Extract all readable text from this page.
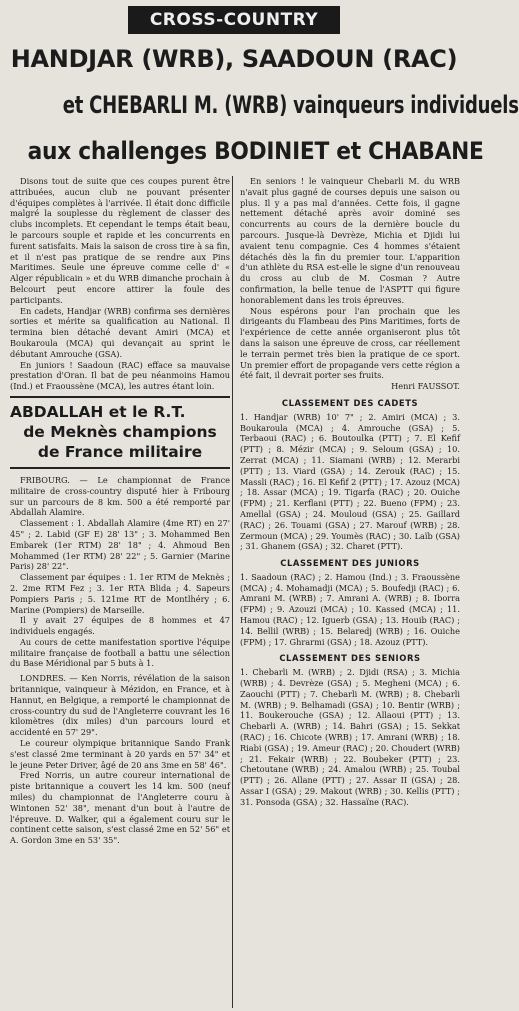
CROSS-COUNTRY
HANDJAR (WRB), SAADOUN (RAC)
et CHEBARLI M. (WRB) vainqueurs individuels
aux challenges BODINIET et CHABANE

Disons tout de suite que ces coupes purent être attribuées, aucun club ne pouvant présenter d'équipes complètes à l'arrivée. Il était donc difficile malgré la souplesse du règlement de classer des clubs incomplets. Et cependant le temps était beau, le parcours souple et rapide et les concurrents en furent satisfaits. Mais la saison de cross tire à sa fin, et il n'est pas pratique de se rendre aux Pins Maritimes. Seule une épreuve comme celle d' « Alger républicain » et du WRB dimanche prochain à Belcourt peut encore attirer la foule des participants.

En cadets, Handjar (WRB) confirma ses dernières sorties et mérite sa qualification au National. Il termina bien détaché devant Amiri (MCA) et Boukaroula (MCA) qui devançait au sprint le débutant Amrouche (GSA).

En juniors ! Saadoun (RAC) efface sa mauvaise prestation d'Oran. Il bat de peu néanmoins Hamou (Ind.) et Fraoussène (MCA), les autres étant loin.

ABDALLAH et le R.T.

de Meknès champions

de France militaire

FRIBOURG. — Le championnat de France militaire de cross-country disputé hier à Fribourg sur un parcours de 8 km. 500 a été remporté par Abdallah Alamire.

Classement : 1. Abdallah Alamire (4me RT) en 27' 45" ; 2. Labid (GF E) 28' 13" ; 3. Mohammed Ben Embarek (1er RTM) 28' 18" ; 4. Ahmoud Ben Mohammed (1er RTM) 28' 22" ; 5. Garnier (Marine Paris) 28' 22".

Classement par équipes : 1. 1er RTM de Meknès ; 2. 2me RTM Fez ; 3. 1er RTA Blida ; 4. Sapeurs Pompiers Paris ; 5. 121me RT de Montlhéry ; 6. Marine (Pompiers) de Marseille.

Il y avait 27 équipes de 8 hommes et 47 individuels engagés.

Au cours de cette manifestation sportive l'équipe militaire française de football a battu une sélection du Base Méridional par 5 buts à 1.

LONDRES. — Ken Norris, révélation de la saison britannique, vainqueur à Mézidon, en France, et à Hannut, en Belgique, a remporté le championnat de cross-country du sud de l'Angleterre couvrant les 16 kilomètres (dix miles) d'un parcours lourd et accidenté en 57' 29".

Le coureur olympique britannique Sando Frank s'est classé 2me terminant à 20 yards en 57' 34" et le jeune Peter Driver, âgé de 20 ans 3me en 58' 46".

Fred Norris, un autre coureur international de piste britannique a couvert les 14 km. 500 (neuf miles) du championnat de l'Angleterre couru à Wintonen 52' 38", menant d'un bout à l'autre de l'épreuve. D. Walker, qui a également couru sur le continent cette saison, s'est classé 2me en 52' 56" et A. Gordon 3me en 53' 35".

En seniors ! le vainqueur Chebarli M. du WRB n'avait plus gagné de courses depuis une saison ou plus. Il y a pas mal d'années. Cette fois, il gagne nettement détaché après avoir dominé ses concurrents au cours de la dernière boucle du parcours. Jusque-là Devrèze, Michia et Djidi lui avaient tenu compagnie. Ces 4 hommes s'étaient détachés dès la fin du premier tour. L'apparition d'un athlète du RSA est-elle le signe d'un renouveau du cross au club de M. Cosman ? Autre confirmation, la belle tenue de l'ASPTT qui figure honorablement dans les trois épreuves.

Nous espérons pour l'an prochain que les dirigeants du Flambeau des Pins Maritimes, forts de l'expérience de cette année organiseront plus tôt dans la saison une épreuve de cross, car réellement le terrain permet très bien la pratique de ce sport. Un premier effort de propagande vers cette région a été fait, il devrait porter ses fruits.

Henri FAUSSOT.

CLASSEMENT DES CADETS

1. Handjar (WRB) 10' 7" ; 2. Amiri (MCA) ; 3. Boukaroula (MCA) ; 4. Amrouche (GSA) ; 5. Terbaoui (RAC) ; 6. Boutoulka (PTT) ; 7. El Kefif (PTT) ; 8. Mézir (MCA) ; 9. Seloum (GSA) ; 10. Zerrat (MCA) ; 11. Siamani (WRB) ; 12. Merarbi (PTT) ; 13. Viard (GSA) ; 14. Zerouk (RAC) ; 15. Massli (RAC) ; 16. El Kefif 2 (PTT) ; 17. Azouz (MCA) ; 18. Assar (MCA) ; 19. Tigarfa (RAC) ; 20. Ouiche (FPM) ; 21. Kerflani (PTT) ; 22. Bueno (FPM) ; 23. Amellal (GSA) ; 24. Mouloud (GSA) ; 25. Gaillard (RAC) ; 26. Touami (GSA) ; 27. Marouf (WRB) ; 28. Zermoun (MCA) ; 29. Youmès (RAC) ; 30. Laïb (GSA) ; 31. Ghanem (GSA) ; 32. Charet (PTT).

CLASSEMENT DES JUNIORS

1. Saadoun (RAC) ; 2. Hamou (Ind.) ; 3. Fraoussène (MCA) ; 4. Mohamadji (MCA) ; 5. Boufedji (RAC) ; 6. Amrani M. (WRB) ; 7. Amrani A. (WRB) ; 8. Iborra (FPM) ; 9. Azouzi (MCA) ; 10. Kassed (MCA) ; 11. Hamou (RAC) ; 12. Iguerb (GSA) ; 13. Houib (RAC) ; 14. Bellil (WRB) ; 15. Belaredj (WRB) ; 16. Ouiche (FPM) ; 17. Ghrarmi (GSA) ; 18. Azouz (PTT).

CLASSEMENT DES SENIORS

1. Chebarli M. (WRB) ; 2. Djidi (RSA) ; 3. Michia (WRB) ; 4. Devrèze (GSA) ; 5. Megheni (MCA) ; 6. Zaouchi (PTT) ; 7. Chebarli M. (WRB) ; 8. Chebarli M. (WRB) ; 9. Belhamadi (GSA) ; 10. Bentir (WRB) ; 11. Boukerouche (GSA) ; 12. Allaoui (PTT) ; 13. Chebarli A. (WRB) ; 14. Bahri (GSA) ; 15. Sekkat (RAC) ; 16. Chicote (WRB) ; 17. Amrani (WRB) ; 18. Riabi (GSA) ; 19. Ameur (RAC) ; 20. Choudert (WRB) ; 21. Fekair (WRB) ; 22. Boubeker (PTT) ; 23. Chetoutane (WRB) ; 24. Amalou (WRB) ; 25. Toubal (PTT) ; 26. Allane (PTT) ; 27. Assar II (GSA) ; 28. Assar I (GSA) ; 29. Makout (WRB) ; 30. Kellis (PTT) ; 31. Ponsoda (GSA) ; 32. Hassaïne (RAC).
